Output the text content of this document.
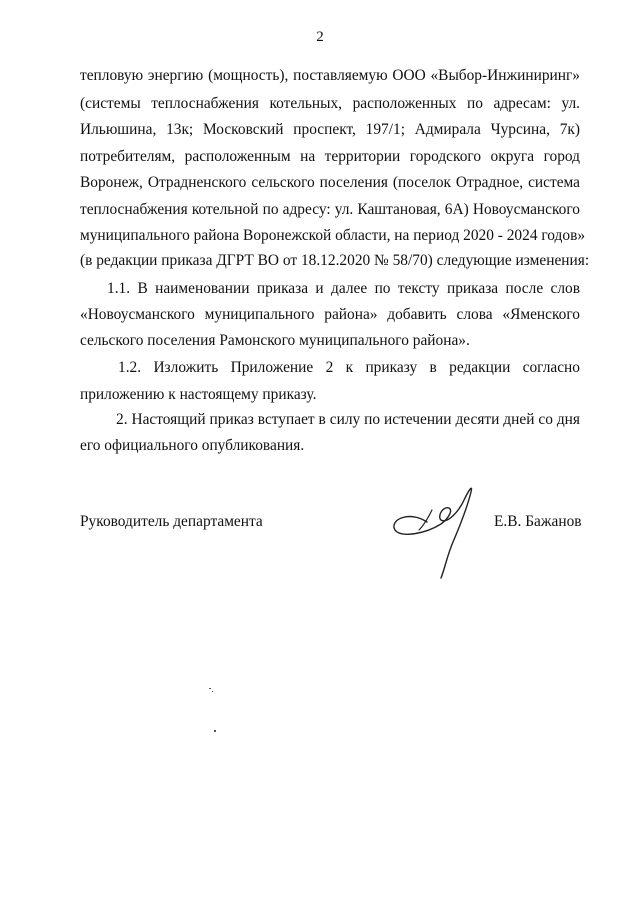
2
тепловую энергию (мощность), поставляемую ООО «Выбор-Инжиниринг»
(системы теплоснабжения котельных, расположенных по адресам: ул.
Ильюшина, 13к; Московский проспект, 197/1; Адмирала Чурсина, 7к)
потребителям, расположенным на территории городского округа город
Воронеж, Отрадненского сельского поселения (поселок Отрадное, система
теплоснабжения котельной по адресу: ул. Каштановая, 6А) Новоусманского
муниципального района Воронежской области, на период 2020 - 2024 годов»
(в редакции приказа ДГРТ ВО от 18.12.2020 № 58/70) следующие изменения:
1.1. В наименовании приказа и далее по тексту приказа после слов
«Новоусманского муниципального района» добавить слова «Яменского
сельского поселения Рамонского муниципального района».
1.2. Изложить Приложение 2 к приказу в редакции согласно
приложению к настоящему приказу.
2. Настоящий приказ вступает в силу по истечении десяти дней со дня
его официального опубликования.
Руководитель департамента	Е.В. Бажанов
